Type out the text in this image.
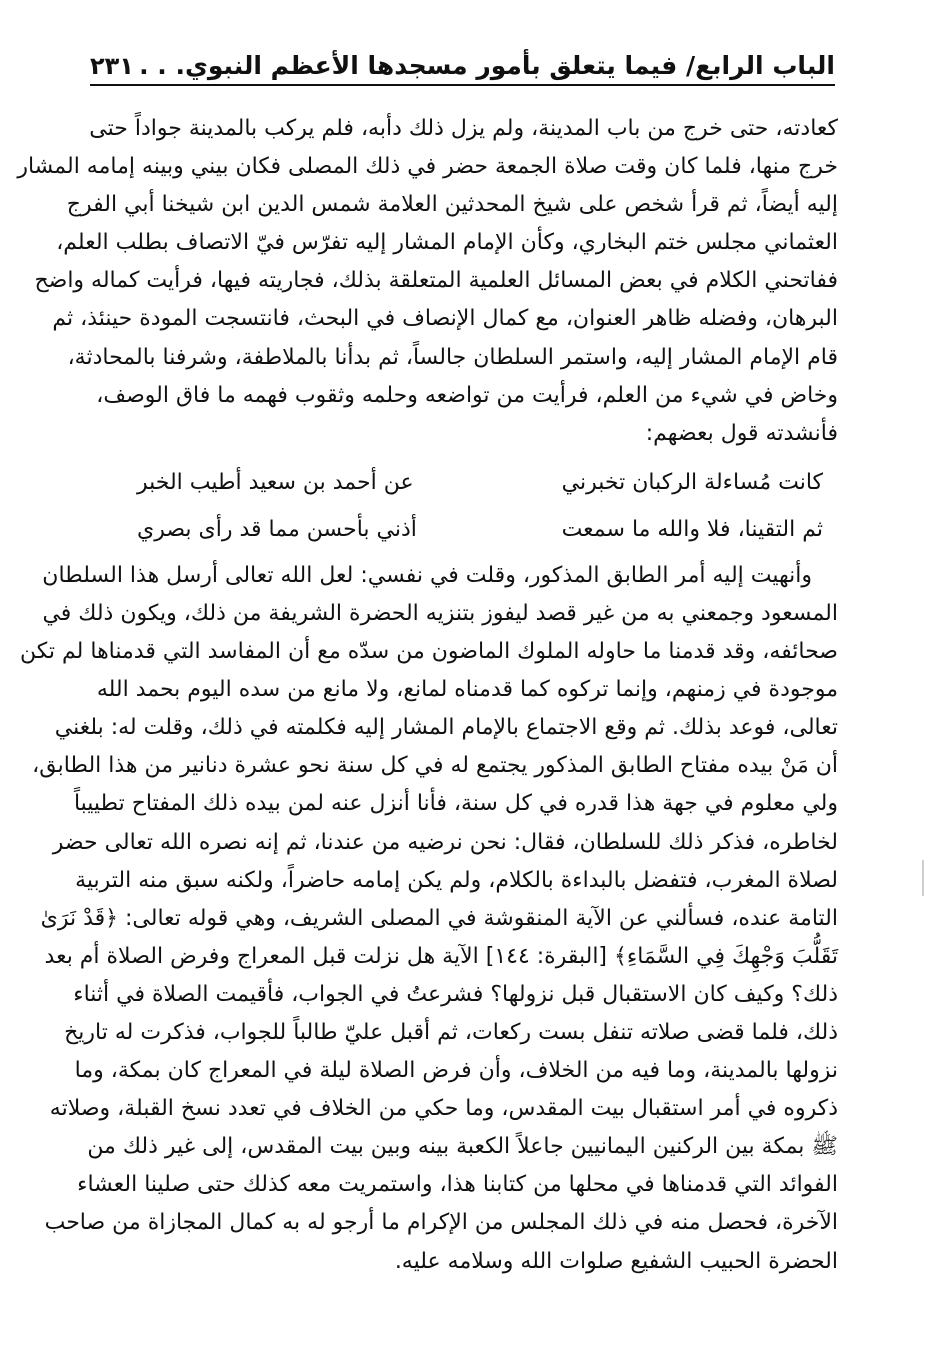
الباب الرابع/ فيما يتعلق بأمور مسجدها الأعظم النبوي. . .
٢٣١
كعادته، حتى خرج من باب المدينة، ولم يزل ذلك دأبه، فلم يركب بالمدينة جواداً حتى
خرج منها، فلما كان وقت صلاة الجمعة حضر في ذلك المصلى فكان بيني وبينه إمامه المشار
إليه أيضاً، ثم قرأ شخص على شيخ المحدثين العلامة شمس الدين ابن شيخنا أبي الفرج
العثماني مجلس ختم البخاري، وكأن الإمام المشار إليه تفرّس فيّ الاتصاف بطلب العلم،
ففاتحني الكلام في بعض المسائل العلمية المتعلقة بذلك، فجاريته فيها، فرأيت كماله واضح
البرهان، وفضله ظاهر العنوان، مع كمال الإنصاف في البحث، فانتسجت المودة حينئذ، ثم
قام الإمام المشار إليه، واستمر السلطان جالساً، ثم بدأنا بالملاطفة، وشرفنا بالمحادثة،
وخاض في شيء من العلم، فرأيت من تواضعه وحلمه وثقوب فهمه ما فاق الوصف،
فأنشدته قول بعضهم:
كانت مُساءلة الركبان تخبرني
عن أحمد بن سعيد أطيب الخبر
ثم التقينا، فلا والله ما سمعت
أذني بأحسن مما قد رأى بصري
وأنهيت إليه أمر الطابق المذكور، وقلت في نفسي: لعل الله تعالى أرسل هذا السلطان
المسعود وجمعني به من غير قصد ليفوز بتنزيه الحضرة الشريفة من ذلك، ويكون ذلك في
صحائفه، وقد قدمنا ما حاوله الملوك الماضون من سدّه مع أن المفاسد التي قدمناها لم تكن
موجودة في زمنهم، وإنما تركوه كما قدمناه لمانع، ولا مانع من سده اليوم بحمد الله
تعالى، فوعد بذلك. ثم وقع الاجتماع بالإمام المشار إليه فكلمته في ذلك، وقلت له: بلغني
أن مَنْ بيده مفتاح الطابق المذكور يجتمع له في كل سنة نحو عشرة دنانير من هذا الطابق،
ولي معلوم في جهة هذا قدره في كل سنة، فأنا أنزل عنه لمن بيده ذلك المفتاح تطييباً
لخاطره، فذكر ذلك للسلطان، فقال: نحن نرضيه من عندنا، ثم إنه نصره الله تعالى حضر
لصلاة المغرب، فتفضل بالبداءة بالكلام، ولم يكن إمامه حاضراً، ولكنه سبق منه التربية
التامة عنده، فسألني عن الآية المنقوشة في المصلى الشريف، وهي قوله تعالى: ﴿قَدْ نَرَىٰ
تَقَلُّبَ وَجْهِكَ فِي السَّمَاءِ﴾ [البقرة: ١٤٤] الآية هل نزلت قبل المعراج وفرض الصلاة أم بعد
ذلك؟ وكيف كان الاستقبال قبل نزولها؟ فشرعتُ في الجواب، فأقيمت الصلاة في أثناء
ذلك، فلما قضى صلاته تنفل بست ركعات، ثم أقبل عليّ طالباً للجواب، فذكرت له تاريخ
نزولها بالمدينة، وما فيه من الخلاف، وأن فرض الصلاة ليلة في المعراج كان بمكة، وما
ذكروه في أمر استقبال بيت المقدس، وما حكي من الخلاف في تعدد نسخ القبلة، وصلاته
ﷺ بمكة بين الركنين اليمانيين جاعلاً الكعبة بينه وبين بيت المقدس، إلى غير ذلك من
الفوائد التي قدمناها في محلها من كتابنا هذا، واستمريت معه كذلك حتى صلينا العشاء
الآخرة، فحصل منه في ذلك المجلس من الإكرام ما أرجو له به كمال المجازاة من صاحب
الحضرة الحبيب الشفيع صلوات الله وسلامه عليه.
